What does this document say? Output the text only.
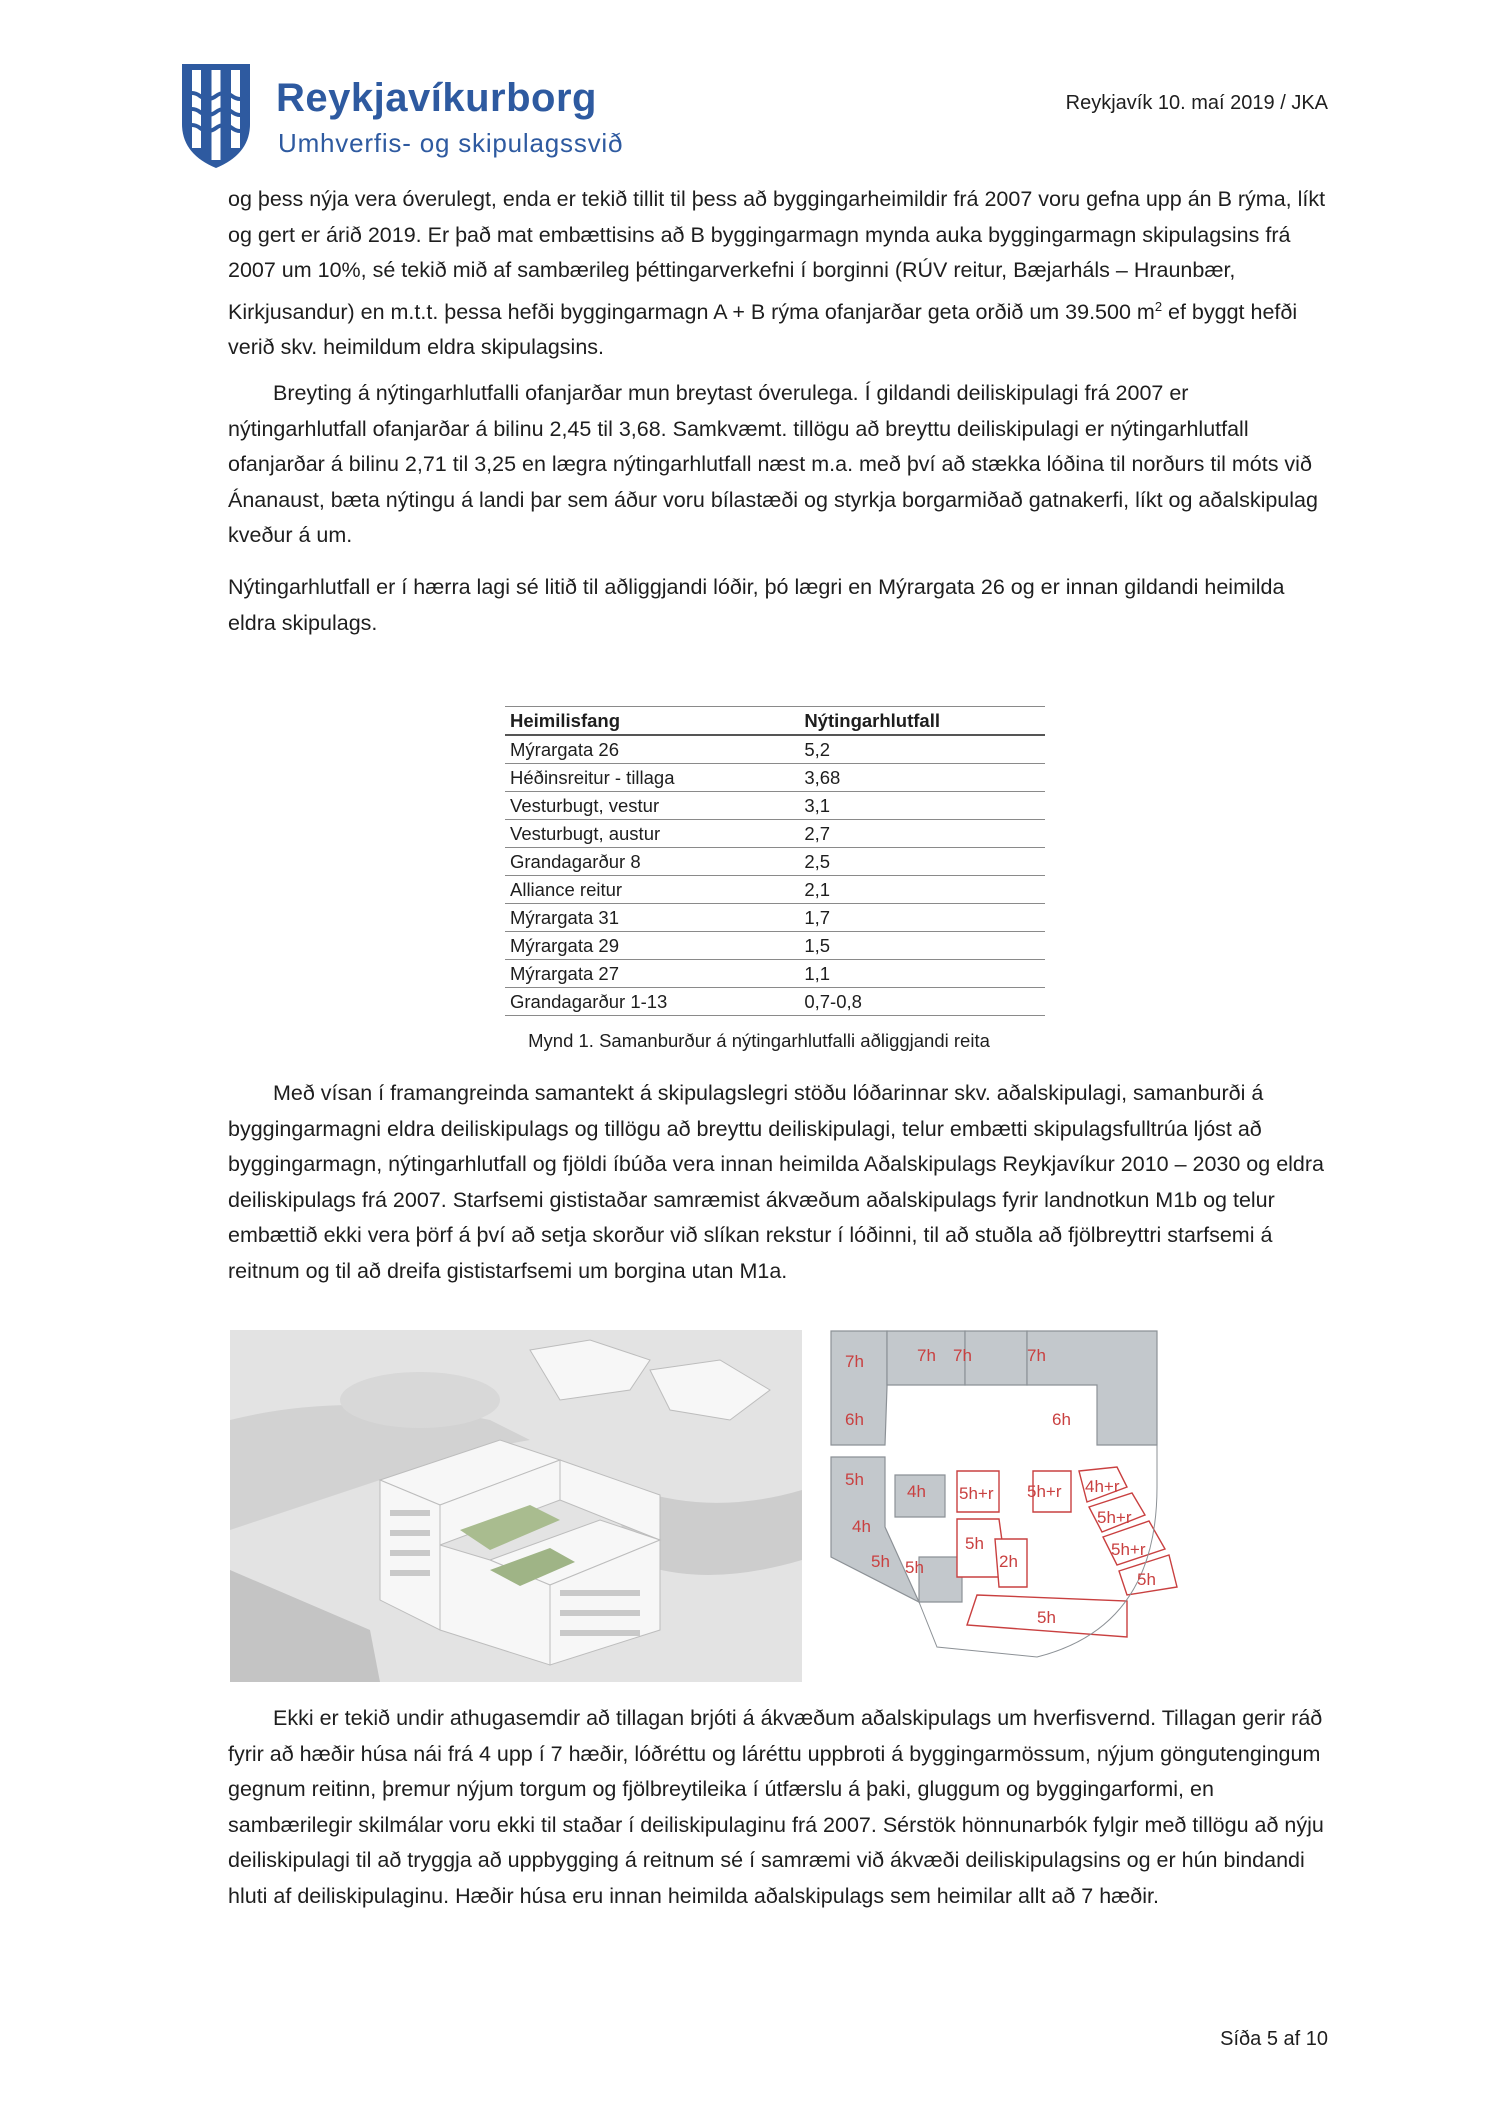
Reykjavíkurborg
Umhverfis- og skipulagssvið
Reykjavík 10. maí 2019 / JKA

og þess nýja vera óverulegt, enda er tekið tillit til þess að byggingarheimildir frá 2007 voru gefna upp án B rýma, líkt og gert er árið 2019. Er það mat embættisins að B byggingarmagn mynda auka byggingarmagn skipulagsins frá 2007 um 10%, sé tekið mið af sambærileg þéttingarverkefni í borginni (RÚV reitur, Bæjarháls – Hraunbær, Kirkjusandur) en m.t.t. þessa hefði byggingarmagn A + B rýma ofanjarðar geta orðið um 39.500 $m^2$ ef byggt hefði verið skv. heimildum eldra skipulagsins.

Breyting á nýtingarhlutfalli ofanjarðar mun breytast óverulega. Í gildandi deiliskipulagi frá 2007 er nýtingarhlutfall ofanjarðar á bilinu 2,45 til 3,68. Samkvæmt. tillögu að breyttu deiliskipulagi er nýtingarhlutfall ofanjarðar á bilinu 2,71 til 3,25 en lægra nýtingarhlutfall næst m.a. með því að stækka lóðina til norðurs til móts við Ánanaust, bæta nýtingu á landi þar sem áður voru bílastæði og styrkja borgarmiðað gatnakerfi, líkt og aðalskipulag kveður á um.

Nýtingarhlutfall er í hærra lagi sé litið til aðliggjandi lóðir, þó lægri en Mýrargata 26 og er innan gildandi heimilda eldra skipulags.

Heimilisfang	Nýtingarhlutfall
Mýrargata 26	5,2
Héðinsreitur - tillaga	3,68
Vesturbugt, vestur	3,1
Vesturbugt, austur	2,7
Grandagarður 8	2,5
Alliance reitur	2,1
Mýrargata 31	1,7
Mýrargata 29	1,5
Mýrargata 27	1,1
Grandagarður 1-13	0,7-0,8
Mynd 1. Samanburður á nýtingarhlutfalli aðliggjandi reita

Með vísan í framangreinda samantekt á skipulagslegri stöðu lóðarinnar skv. aðalskipulagi, samanburði á byggingarmagni eldra deiliskipulags og tillögu að breyttu deiliskipulagi, telur embætti skipulagsfulltrúa ljóst að byggingarmagn, nýtingarhlutfall og fjöldi íbúða vera innan heimilda Aðalskipulags Reykjavíkur 2010 – 2030 og eldra deiliskipulags frá 2007. Starfsemi gististaðar samræmist ákvæðum aðalskipulags fyrir landnotkun M1b og telur embættið ekki vera þörf á því að setja skorður við slíkan rekstur í lóðinni, til að stuðla að fjölbreyttri starfsemi á reitnum og til að dreifa gististarfsemi um borgina utan M1a.

7h
6h
7h 7h	7h
6h
5h
4h
5h 5h
4h 5h+r
5h
2h
5h+r 4h+r
5h+r
5h+r
5h
5h

Ekki er tekið undir athugasemdir að tillagan brjóti á ákvæðum aðalskipulags um hverfisvernd. Tillagan gerir ráð fyrir að hæðir húsa nái frá 4 upp í 7 hæðir, lóðréttu og láréttu uppbroti á byggingarmössum, nýjum göngutengingum gegnum reitinn, þremur nýjum torgum og fjölbreytileika í útfærslu á þaki, gluggum og byggingarformi, en sambærilegir skilmálar voru ekki til staðar í deiliskipulaginu frá 2007. Sérstök hönnunarbók fylgir með tillögu að nýju deiliskipulagi til að tryggja að uppbygging á reitnum sé í samræmi við ákvæði deiliskipulagsins og er hún bindandi hluti af deiliskipulaginu. Hæðir húsa eru innan heimilda aðalskipulags sem heimilar allt að 7 hæðir.

Síða 5 af 10
